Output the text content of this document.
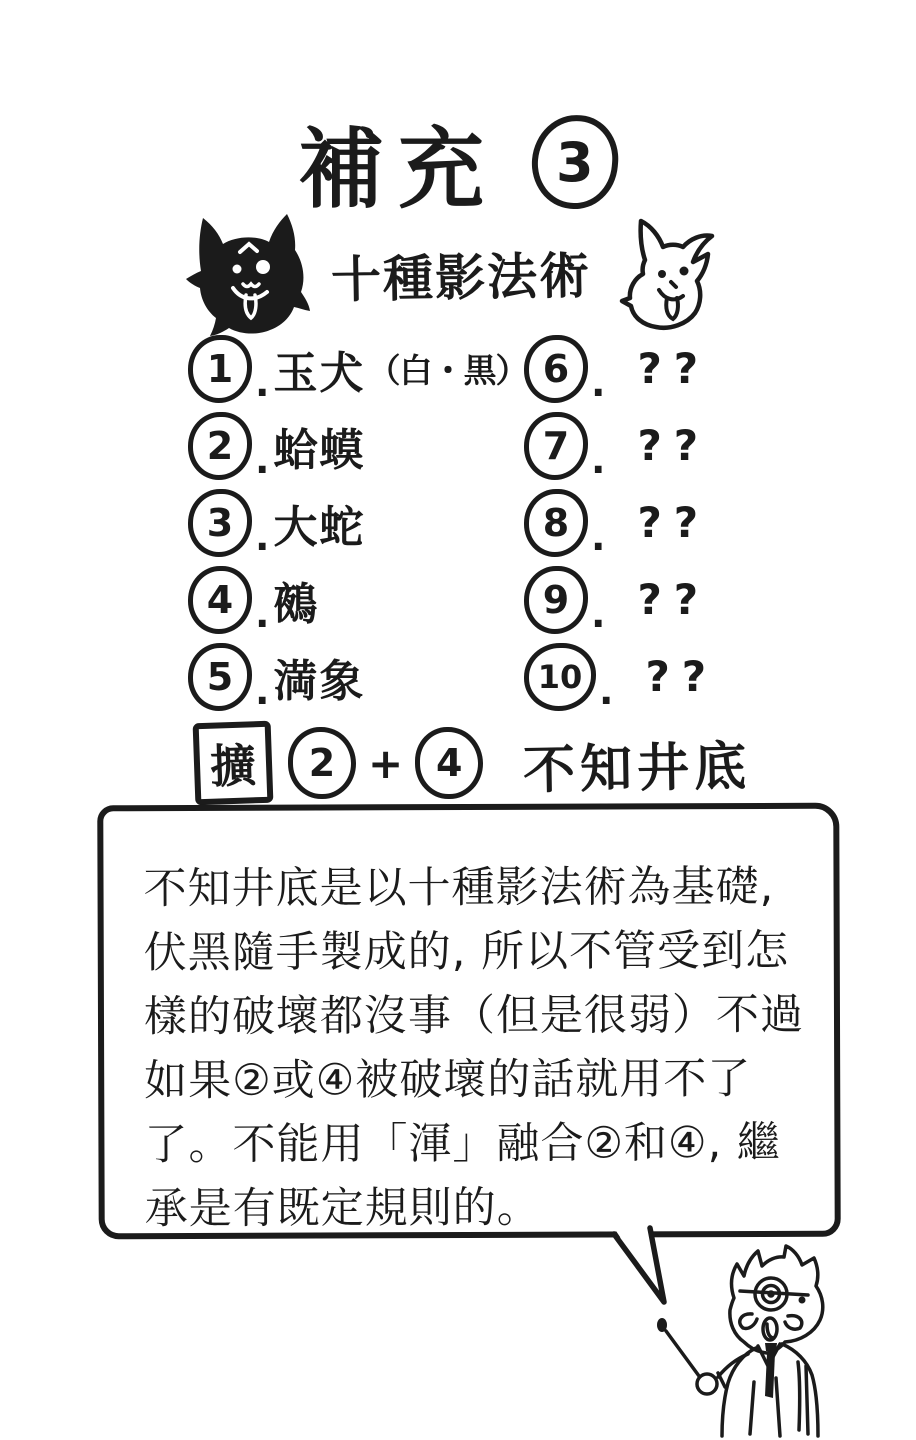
補充 3
十種影法術
1 . 玉犬 （白・黒）
2 . 蛤蟆
3 . 大蛇
4 . 鵺
5 . 満象
6 . ??
7 . ??
8 . ??
9 . ??
10 . ??
擴 2 + 4 不知井底
不知井底是以十種影法術為基礎,
伏黑隨手製成的, 所以不管受到怎
樣的破壞都沒事（但是很弱）不過
如果②或④被破壞的話就用不了
了。不能用「渾」融合②和④, 繼
承是有既定規則的。
